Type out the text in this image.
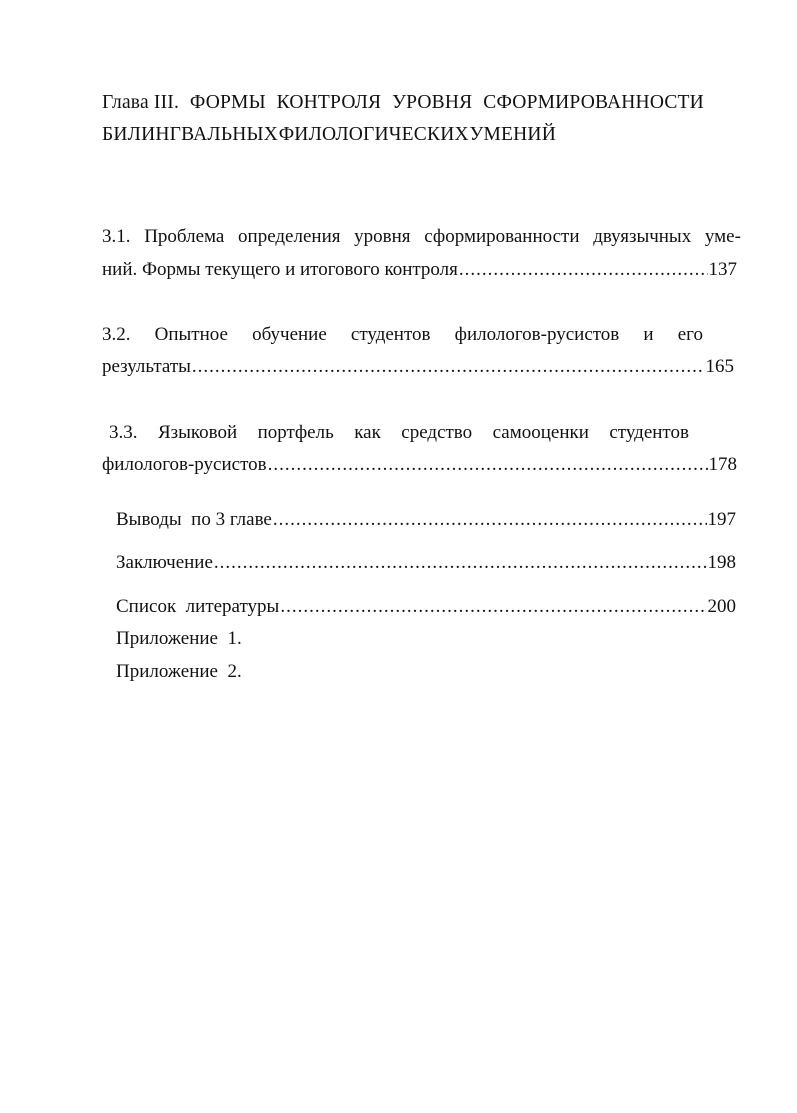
Глава III. ФОРМЫ КОНТРОЛЯ УРОВНЯ СФОРМИРОВАННОСТИ
БИЛИНГВАЛЬНЫХ ФИЛОЛОГИЧЕСКИХ УМЕНИЙ
3.1. Проблема определения уровня сформированности двуязычных уме-
ний. Формы текущего и итогового контроля .....	137
3.2. Опытное обучение студентов филологов-русистов и его
результаты .....	165
3.3. Языковой портфель как средство самооценки студентов
филологов-русистов .....	178
Выводы  по 3 главе .....	197
Заключение .....	198
Список  литературы .....	200
Приложение  1.
Приложение  2.
